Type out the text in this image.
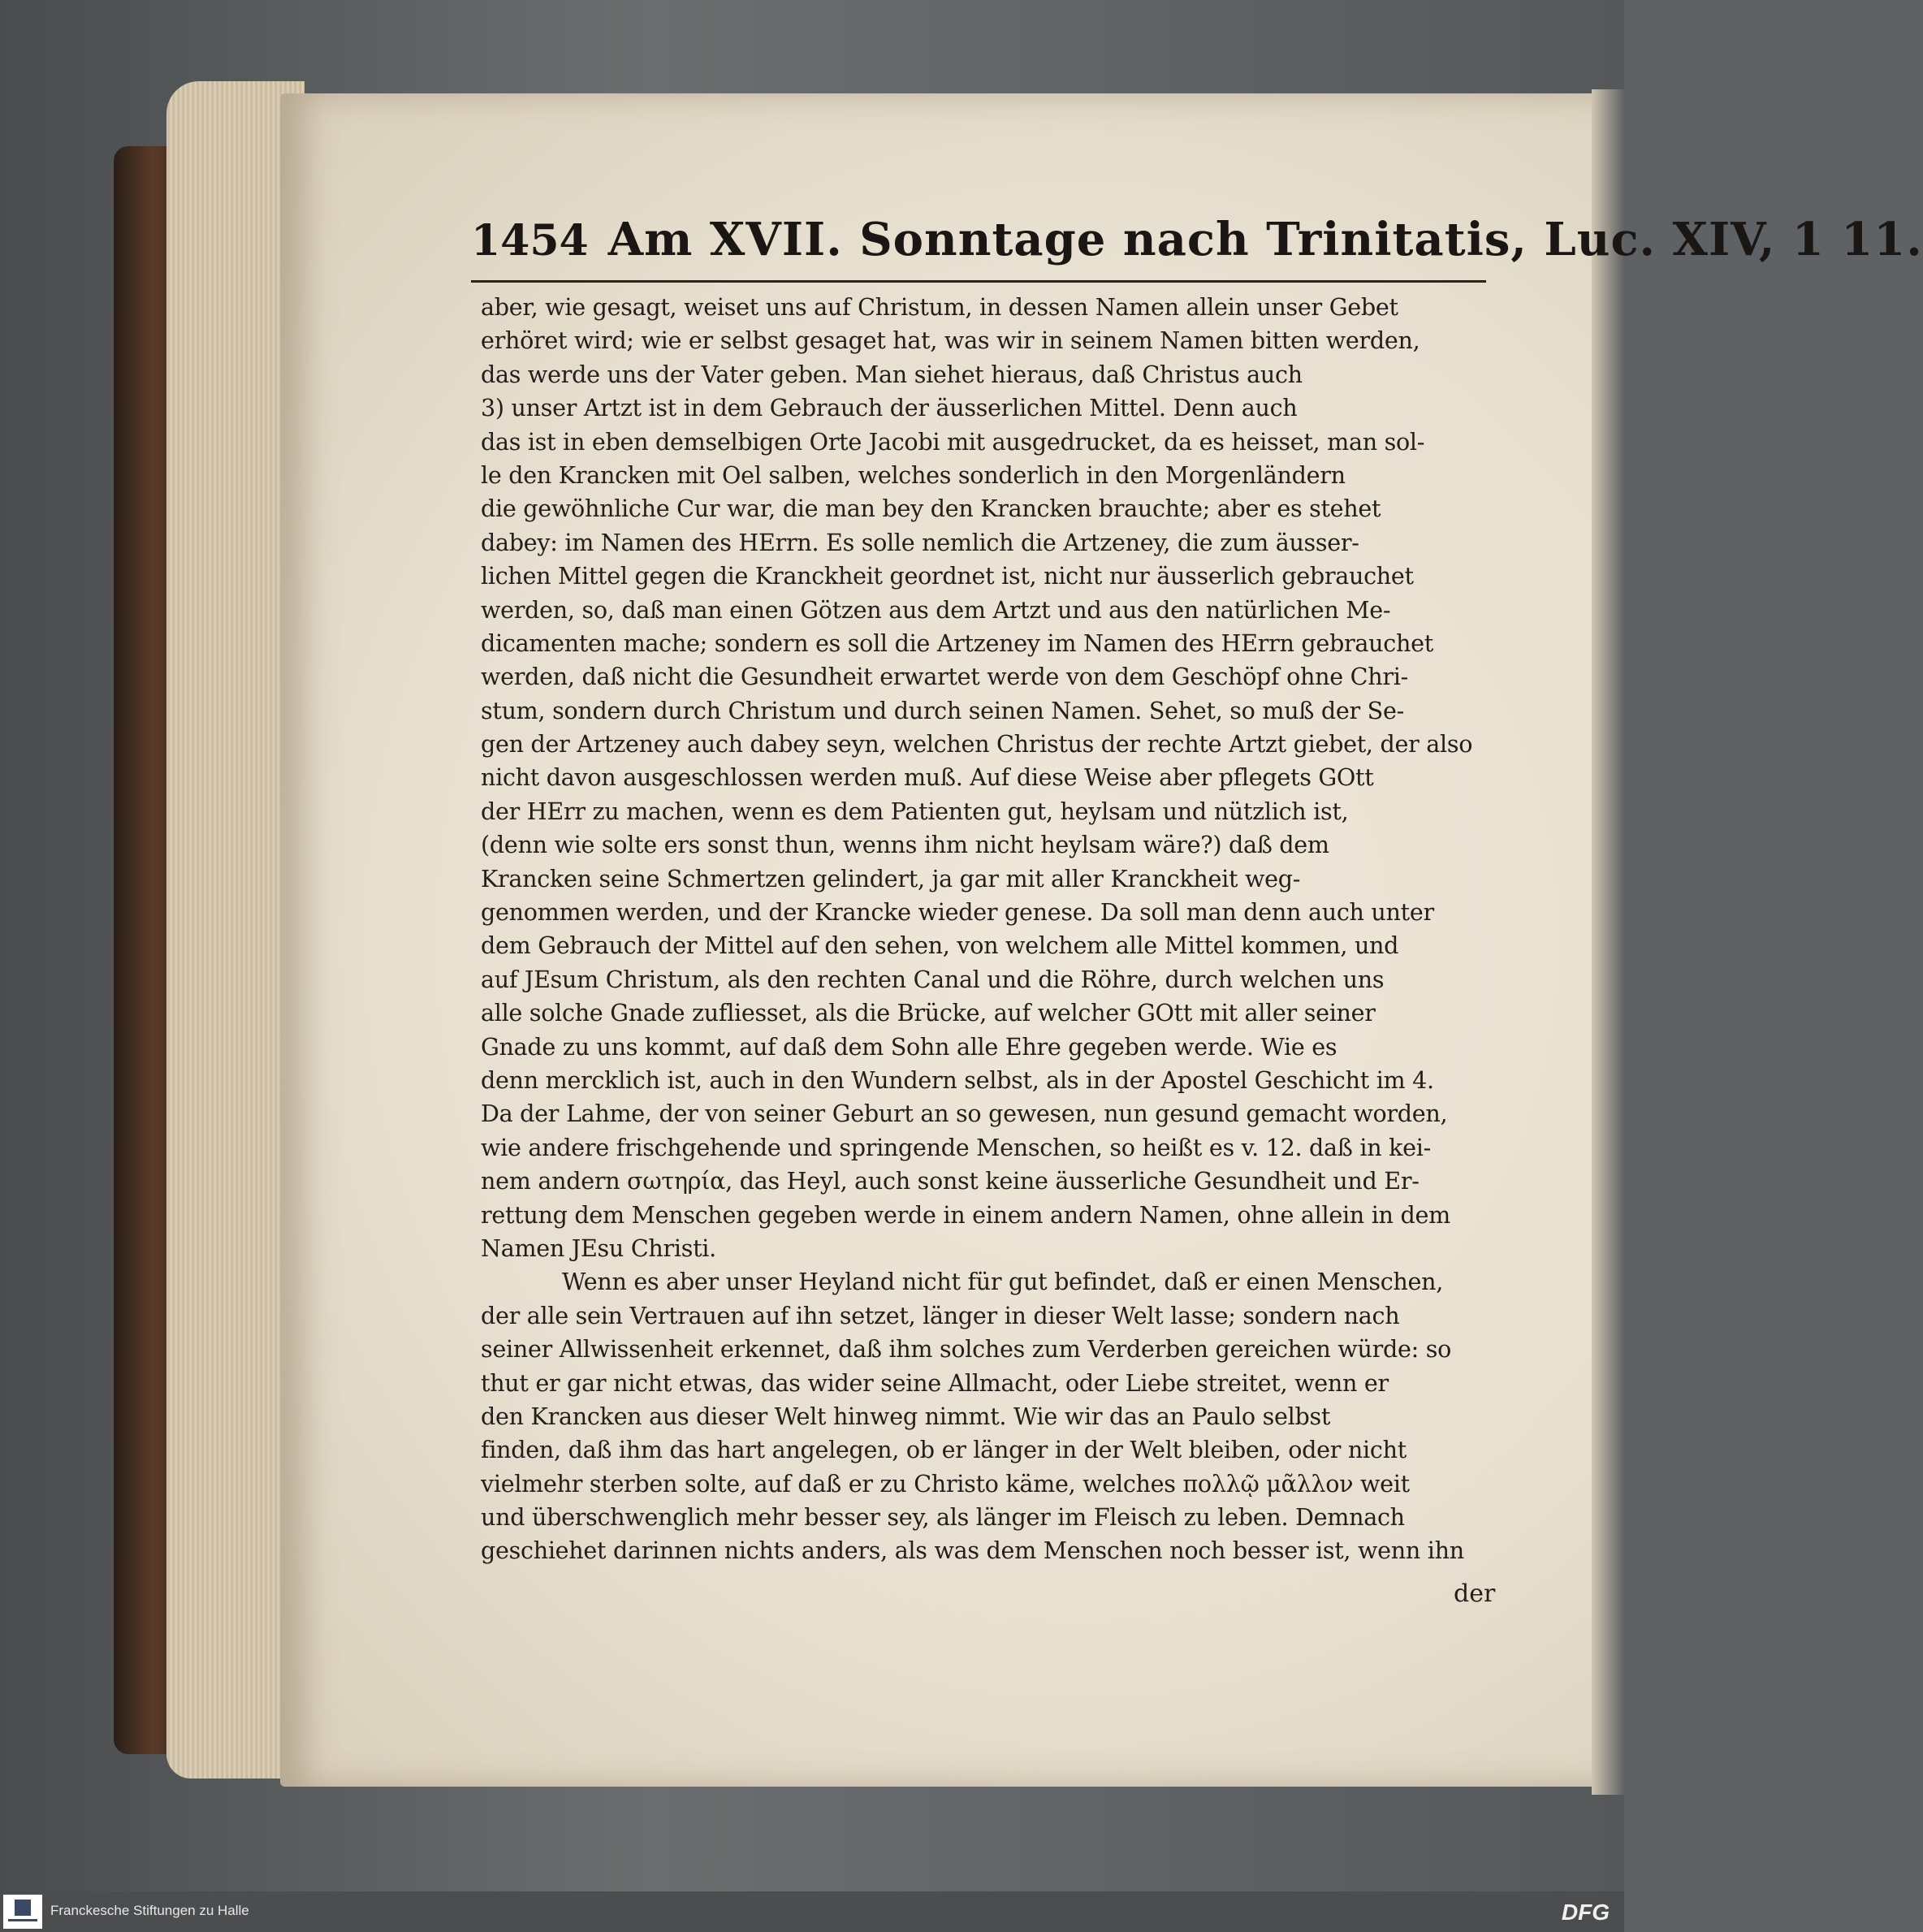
1454 Am XVII. Sonntage nach Trinitatis, Luc. XIV, 1 11.
aber, wie gesagt, weiset uns auf Christum, in dessen Namen allein unser Gebet
erhöret wird; wie er selbst gesaget hat, was wir in seinem Namen bitten werden,
das werde uns der Vater geben. Man siehet hieraus, daß Christus auch
3) unser Artzt ist in dem Gebrauch der äusserlichen Mittel. Denn auch
das ist in eben demselbigen Orte Jacobi mit ausgedrucket, da es heisset, man sol-
le den Krancken mit Oel salben, welches sonderlich in den Morgenländern
die gewöhnliche Cur war, die man bey den Krancken brauchte; aber es stehet
dabey: im Namen des HErrn. Es solle nemlich die Artzeney, die zum äusser-
lichen Mittel gegen die Kranckheit geordnet ist, nicht nur äusserlich gebrauchet
werden, so, daß man einen Götzen aus dem Artzt und aus den natürlichen Me-
dicamenten mache; sondern es soll die Artzeney im Namen des HErrn gebrauchet
werden, daß nicht die Gesundheit erwartet werde von dem Geschöpf ohne Chri-
stum, sondern durch Christum und durch seinen Namen. Sehet, so muß der Se-
gen der Artzeney auch dabey seyn, welchen Christus der rechte Artzt giebet, der also
nicht davon ausgeschlossen werden muß. Auf diese Weise aber pflegets GOtt
der HErr zu machen, wenn es dem Patienten gut, heylsam und nützlich ist,
(denn wie solte ers sonst thun, wenns ihm nicht heylsam wäre?) daß dem
Krancken seine Schmertzen gelindert, ja gar mit aller Kranckheit weg-
genommen werden, und der Krancke wieder genese. Da soll man denn auch unter
dem Gebrauch der Mittel auf den sehen, von welchem alle Mittel kommen, und
auf JEsum Christum, als den rechten Canal und die Röhre, durch welchen uns
alle solche Gnade zufliesset, als die Brücke, auf welcher GOtt mit aller seiner
Gnade zu uns kommt, auf daß dem Sohn alle Ehre gegeben werde. Wie es
denn mercklich ist, auch in den Wundern selbst, als in der Apostel Geschicht im 4.
Da der Lahme, der von seiner Geburt an so gewesen, nun gesund gemacht worden,
wie andere frischgehende und springende Menschen, so heißt es v. 12. daß in kei-
nem andern σωτηρία, das Heyl, auch sonst keine äusserliche Gesundheit und Er-
rettung dem Menschen gegeben werde in einem andern Namen, ohne allein in dem
Namen JEsu Christi.
Wenn es aber unser Heyland nicht für gut befindet, daß er einen Menschen,
der alle sein Vertrauen auf ihn setzet, länger in dieser Welt lasse; sondern nach
seiner Allwissenheit erkennet, daß ihm solches zum Verderben gereichen würde: so
thut er gar nicht etwas, das wider seine Allmacht, oder Liebe streitet, wenn er
den Krancken aus dieser Welt hinweg nimmt. Wie wir das an Paulo selbst
finden, daß ihm das hart angelegen, ob er länger in der Welt bleiben, oder nicht
vielmehr sterben solte, auf daß er zu Christo käme, welches πολλῷ μᾶλλον weit
und überschwenglich mehr besser sey, als länger im Fleisch zu leben. Demnach
geschiehet darinnen nichts anders, als was dem Menschen noch besser ist, wenn ihn
der
Franckesche Stiftungen zu Halle	DFG
